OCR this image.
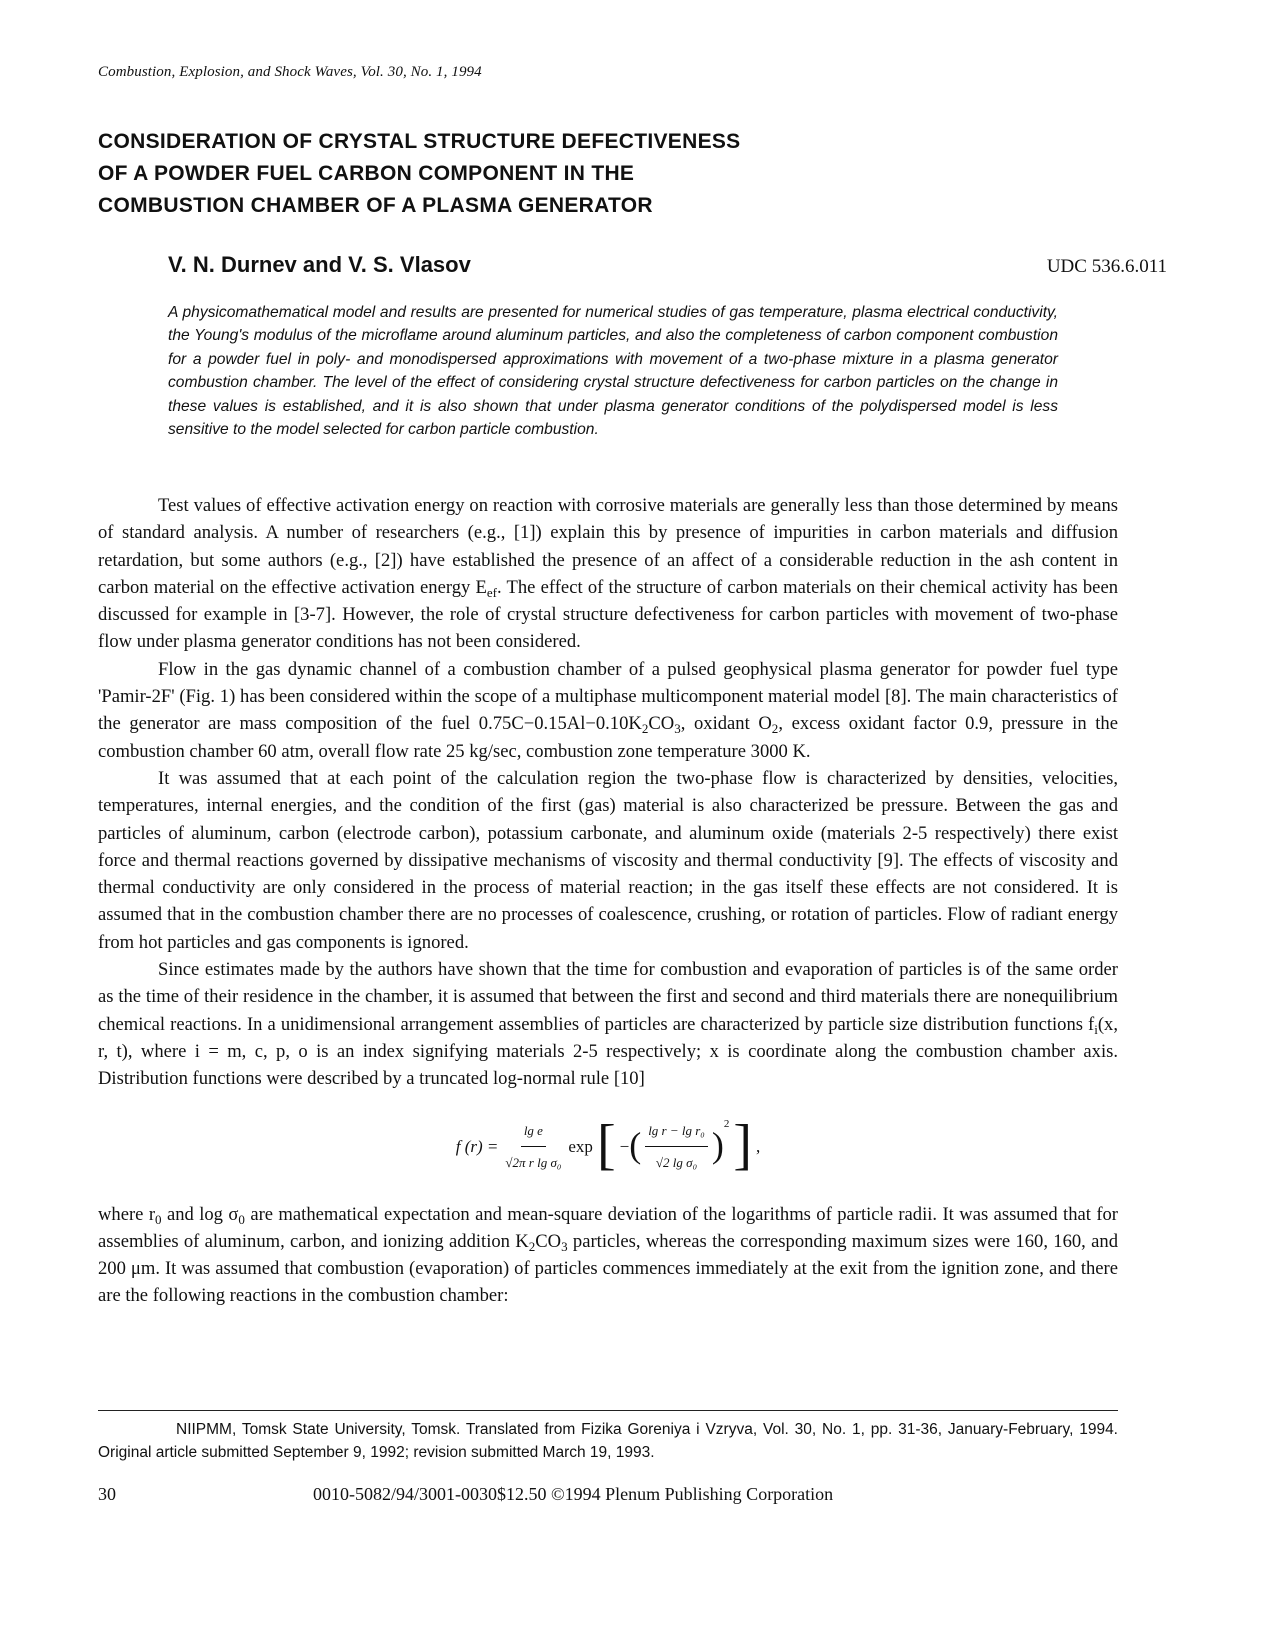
Combustion, Explosion, and Shock Waves, Vol. 30, No. 1, 1994
CONSIDERATION OF CRYSTAL STRUCTURE DEFECTIVENESS
OF A POWDER FUEL CARBON COMPONENT IN THE
COMBUSTION CHAMBER OF A PLASMA GENERATOR
V. N. Durnev and V. S. Vlasov	UDC 536.6.011
A physicomathematical model and results are presented for numerical studies of gas temperature, plasma electrical conductivity, the Young's modulus of the microflame around aluminum particles, and also the completeness of carbon component combustion for a powder fuel in poly- and monodispersed approximations with movement of a two-phase mixture in a plasma generator combustion chamber. The level of the effect of considering crystal structure defectiveness for carbon particles on the change in these values is established, and it is also shown that under plasma generator conditions of the polydispersed model is less sensitive to the model selected for carbon particle combustion.

Test values of effective activation energy on reaction with corrosive materials are generally less than those determined by means of standard analysis. A number of researchers (e.g., [1]) explain this by presence of impurities in carbon materials and diffusion retardation, but some authors (e.g., [2]) have established the presence of an affect of a considerable reduction in the ash content in carbon material on the effective activation energy $E_{ef}$. The effect of the structure of carbon materials on their chemical activity has been discussed for example in [3-7]. However, the role of crystal structure defectiveness for carbon particles with movement of two-phase flow under plasma generator conditions has not been considered.

Flow in the gas dynamic channel of a combustion chamber of a pulsed geophysical plasma generator for powder fuel type 'Pamir-2F' (Fig. 1) has been considered within the scope of a multiphase multicomponent material model [8]. The main characteristics of the generator are mass composition of the fuel $0.75C-0.15Al-0.10K_2CO_3$, oxidant $O_2$, excess oxidant factor 0.9, pressure in the combustion chamber 60 atm, overall flow rate 25 kg/sec, combustion zone temperature 3000 K.

It was assumed that at each point of the calculation region the two-phase flow is characterized by densities, velocities, temperatures, internal energies, and the condition of the first (gas) material is also characterized be pressure. Between the gas and particles of aluminum, carbon (electrode carbon), potassium carbonate, and aluminum oxide (materials 2-5 respectively) there exist force and thermal reactions governed by dissipative mechanisms of viscosity and thermal conductivity [9]. The effects of viscosity and thermal conductivity are only considered in the process of material reaction; in the gas itself these effects are not considered. It is assumed that in the combustion chamber there are no processes of coalescence, crushing, or rotation of particles. Flow of radiant energy from hot particles and gas components is ignored.

Since estimates made by the authors have shown that the time for combustion and evaporation of particles is of the same order as the time of their residence in the chamber, it is assumed that between the first and second and third materials there are nonequilibrium chemical reactions. In a unidimensional arrangement assemblies of particles are characterized by particle size distribution functions $f_i(x$, r, t), where i = m, c, p, o is an index signifying materials 2-5 respectively; x is coordinate along the combustion chamber axis. Distribution functions were described by a truncated log-normal rule [10]

f $(r) = \frac{\text{lg e}}{\text{√2π r lg σ₀}}$ exp [ − ( $\frac{\text{lg r − lg r₀}}{\text{√2 lg σ₀}}$ )
2 ] ,

where $r_0$ and $\log \sigma_0$ are mathematical expectation and mean-square deviation of the logarithms of particle radii. It was assumed that for assemblies of aluminum, carbon, and ionizing addition $K_2CO_3$ particles, whereas the corresponding maximum sizes were 160, 160, and 200 μm. It was assumed that combustion (evaporation) of particles commences immediately at the exit from the ignition zone, and there are the following reactions in the combustion chamber:

NIIPMM, Tomsk State University, Tomsk. Translated from Fizika Goreniya i Vzryva, Vol. 30, No. 1, pp. 31-36, January-February, 1994. Original article submitted September 9, 1992; revision submitted March 19, 1993.

30	0010-5082/94/3001-0030$12.50 ©1994 Plenum Publishing Corporation
